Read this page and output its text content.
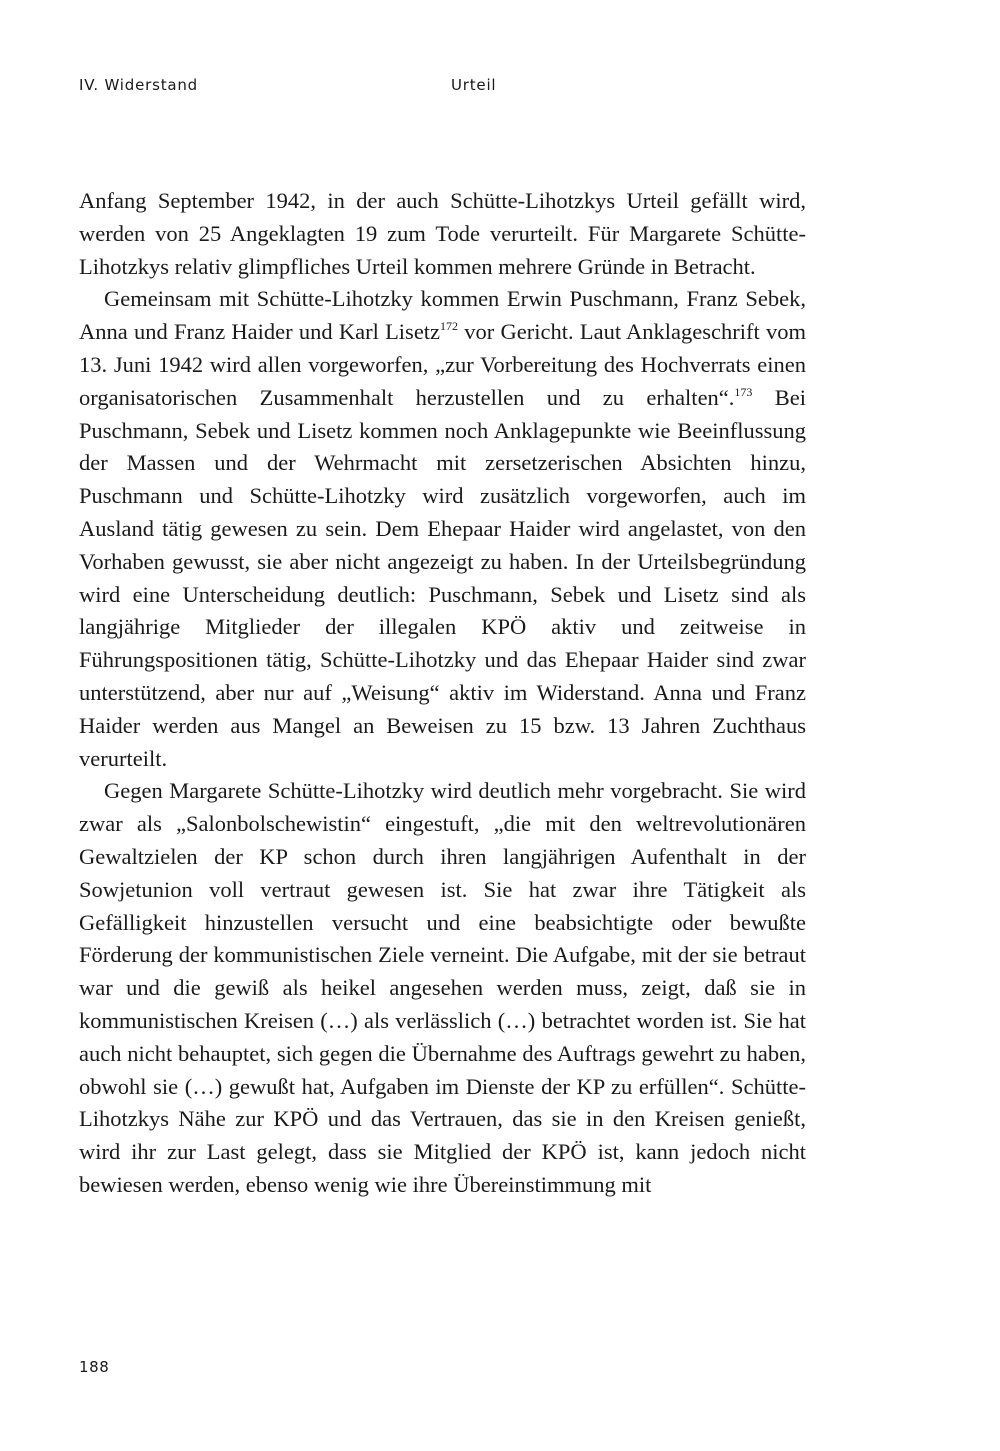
IV. Widerstand	Urteil

Anfang September 1942, in der auch Schütte-Lihotzkys Urteil gefällt wird, werden von 25 Angeklagten 19 zum Tode verurteilt. Für Margarete Schütte-Lihotzkys relativ glimpfliches Urteil kommen mehrere Gründe in Betracht.

Gemeinsam mit Schütte-Lihotzky kommen Erwin Puschmann, Franz Sebek, Anna und Franz Haider und Karl Lisetz$^{172}$ vor Gericht. Laut Anklageschrift vom 13. Juni 1942 wird allen vorgeworfen, „zur Vorbereitung des Hochverrats einen organisatorischen Zusammenhalt herzustellen und zu erhalten“.$^{173}$ Bei Puschmann, Sebek und Lisetz kommen noch Anklagepunkte wie Beeinflussung der Massen und der Wehrmacht mit zersetzerischen Absichten hinzu, Puschmann und Schütte-Lihotzky wird zusätzlich vorgeworfen, auch im Ausland tätig gewesen zu sein. Dem Ehepaar Haider wird angelastet, von den Vorhaben gewusst, sie aber nicht angezeigt zu haben. In der Urteilsbegründung wird eine Unterscheidung deutlich: Puschmann, Sebek und Lisetz sind als langjährige Mitglieder der illegalen KPÖ aktiv und zeitweise in Führungspositionen tätig, Schütte-Lihotzky und das Ehepaar Haider sind zwar unterstützend, aber nur auf „Weisung“ aktiv im Widerstand. Anna und Franz Haider werden aus Mangel an Beweisen zu 15 bzw. 13 Jahren Zuchthaus verurteilt.

Gegen Margarete Schütte-Lihotzky wird deutlich mehr vorgebracht. Sie wird zwar als „Salonbolschewistin“ eingestuft, „die mit den weltrevolutionären Gewaltzielen der KP schon durch ihren langjährigen Aufenthalt in der Sowjetunion voll vertraut gewesen ist. Sie hat zwar ihre Tätigkeit als Gefälligkeit hinzustellen versucht und eine beabsichtigte oder bewußte Förderung der kommunistischen Ziele verneint. Die Aufgabe, mit der sie betraut war und die gewiß als heikel angesehen werden muss, zeigt, daß sie in kommunistischen Kreisen (…) als verlässlich (…) betrachtet worden ist. Sie hat auch nicht behauptet, sich gegen die Übernahme des Auftrags gewehrt zu haben, obwohl sie (…) gewußt hat, Aufgaben im Dienste der KP zu erfüllen“. Schütte-Lihotzkys Nähe zur KPÖ und das Vertrauen, das sie in den Kreisen genießt, wird ihr zur Last gelegt, dass sie Mitglied der KPÖ ist, kann jedoch nicht bewiesen werden, ebenso wenig wie ihre Übereinstimmung mit

188
